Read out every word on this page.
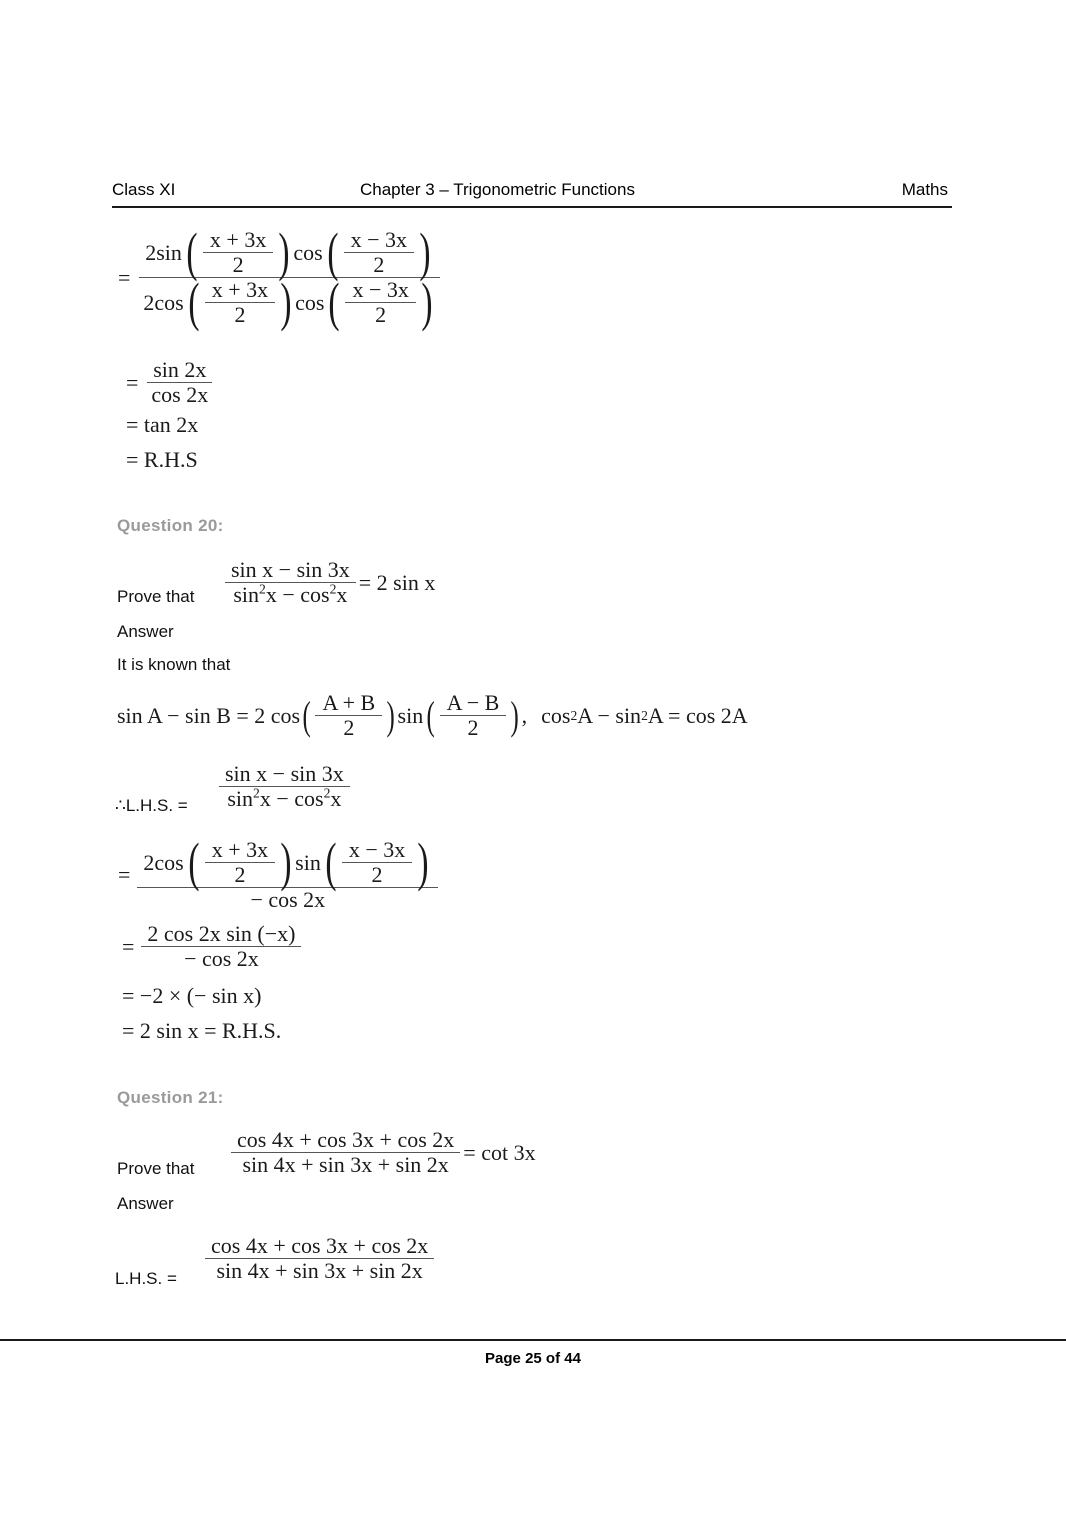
Class XI	Chapter 3 – Trigonometric Functions	Maths
=
2 sin ( $\frac{x + 3x}{2}$ ) cos ( $\frac{x - 3x}{2}$ )
2 cos ( $\frac{x + 3x}{2}$ ) cos ( $\frac{x - 3x}{2}$ )
= $\frac{\sin 2x}{\cos 2x}$
= tan 2x
= R.H.S
Question 20:
Prove that $\frac{\text{sin x − sin 3x}}{\sin^2x - \cos^2x} = 2$ sin x
Answer
It is known that
sin A − sin B = 2 cos ( $\frac{A + B}{2}$ ) sin ( $\frac{A - B}{2}$ ) , cos 2 A − sin 2 A = cos 2A
∴L.H.S. = $\frac{\text{sin x − sin 3x}}{\sin^2x - \cos^2x}$
= 2 cos ( $\frac{x + 3x}{2}$ ) sin ( $\frac{x - 3x}{2}$ )
− cos 2x
= $\frac{\text{2 cos 2x sin (−x)}}{- \cos 2x}$
= −2 × (− sin x)
= 2 sin x = R.H.S.
Question 21:
Prove that $\frac{\cos 4x + \cos 3x + \cos 2x}{\sin 4x + \sin 3x + \sin 2x} = \cot 3x$
Answer
L.H.S. = $\frac{\cos 4x + \cos 3x + \cos 2x}{\sin 4x + \sin 3x + \sin 2x}$
Page 25 of 44
